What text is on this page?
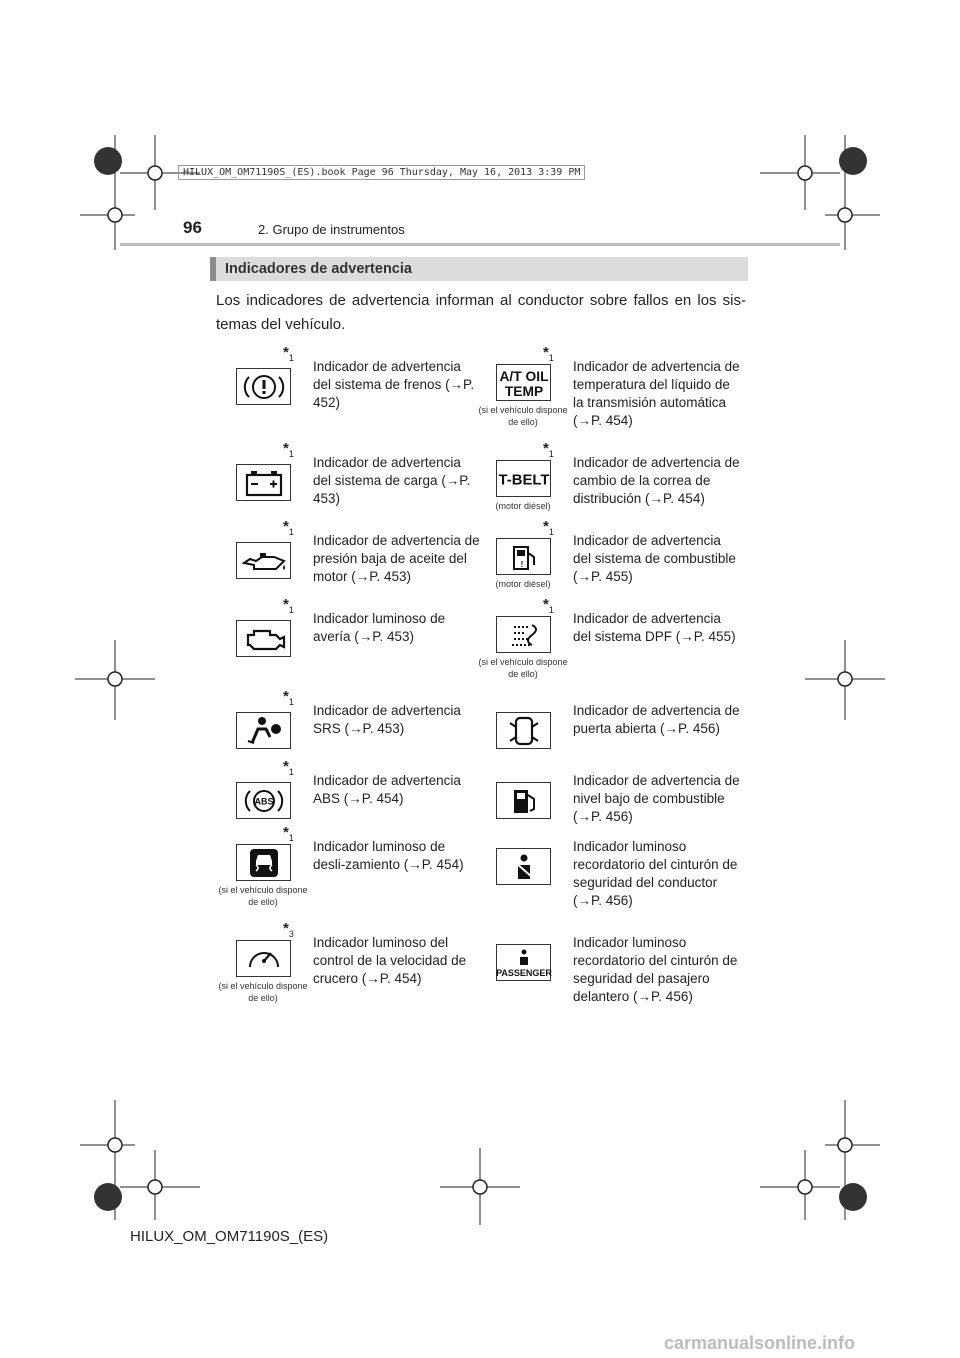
HILUX_OM_OM71190S_(ES).book Page 96 Thursday, May 16, 2013 3:39 PM
96	2. Grupo de instrumentos
Indicadores de advertencia
Los indicadores de advertencia informan al conductor sobre fallos en los sis-temas del vehículo.
$*_1$
Indicador de advertencia del sistema de frenos (→P. 452)
$*_1$
A/T OIL
TEMP
(si el vehículo dispone de ello)
Indicador de advertencia de temperatura del líquido de la transmisión automática (→P. 454)
$*_1$
Indicador de advertencia del sistema de carga (→P. 453)
$*_1$
T-BELT
(motor diésel)
Indicador de advertencia de cambio de la correa de distribución (→P. 454)
$*_1$
Indicador de advertencia de presión baja de aceite del motor (→P. 453)
$*_1$
!
(motor diésel)
Indicador de advertencia del sistema de combustible (→P. 455)
$*_1$
Indicador luminoso de avería (→P. 453)
$*_1$
(si el vehículo dispone de ello)
Indicador de advertencia del sistema DPF (→P. 455)
$*_1$
Indicador de advertencia SRS (→P. 453)
Indicador de advertencia de puerta abierta (→P. 456)
$*_1$
ABS
Indicador de advertencia ABS (→P. 454)
Indicador de advertencia de nivel bajo de combustible (→P. 456)
$*_1$
(si el vehículo dispone de ello)
Indicador luminoso de desli-zamiento (→P. 454)
Indicador luminoso recordatorio del cinturón de seguridad del conductor (→P. 456)
$*_3$
(si el vehículo dispone de ello)
Indicador luminoso del control de la velocidad de crucero (→P. 454)	PASSENGER
Indicador luminoso recordatorio del cinturón de seguridad del pasajero delantero (→P. 456)
HILUX_OM_OM71190S_(ES)
carmanualsonline.info
